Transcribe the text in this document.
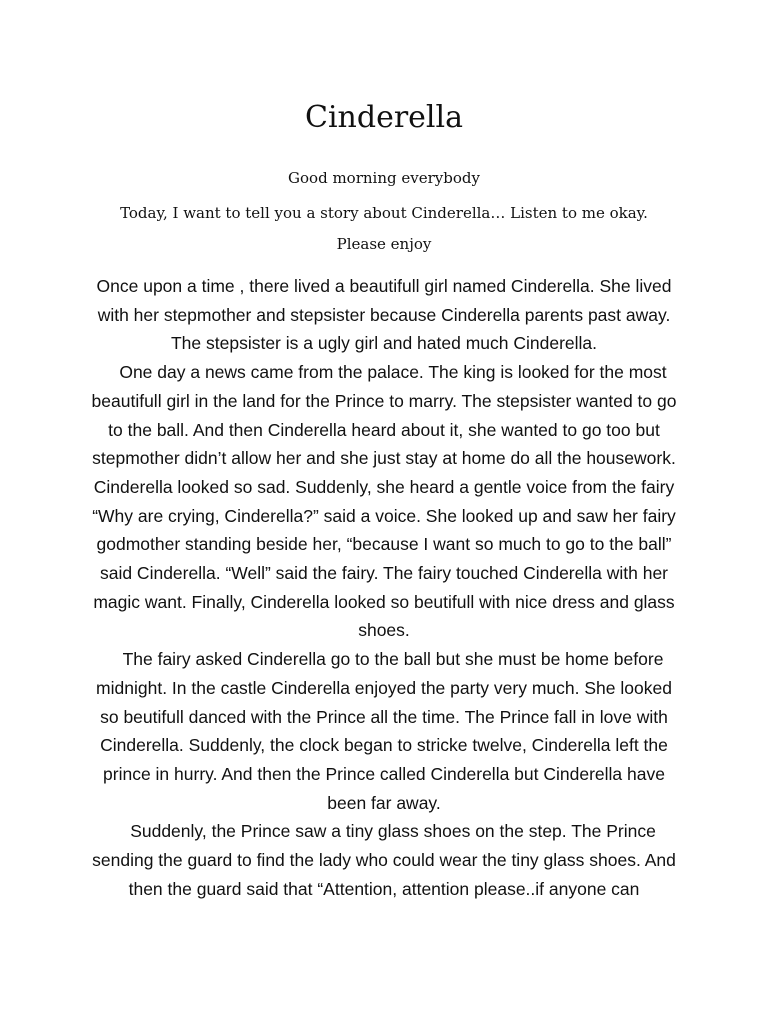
Cinderella

Good morning everybody

Today, I want to tell you a story about Cinderella… Listen to me okay. Please enjoy

Once upon a time , there lived a beautifull girl named Cinderella. She lived with her stepmother and stepsister because Cinderella parents past away. The stepsister is a ugly girl and hated much Cinderella.

One day a news came from the palace. The king is looked for the most beautifull girl in the land for the Prince to marry. The stepsister wanted to go to the ball. And then Cinderella heard about it, she wanted to go too but stepmother didn’t allow her and she just stay at home do all the housework. Cinderella looked so sad. Suddenly, she heard a gentle voice from the fairy “Why are crying, Cinderella?” said a voice. She looked up and saw her fairy godmother standing beside her, “because I want so much to go to the ball” said Cinderella. “Well” said the fairy. The fairy touched Cinderella with her magic want. Finally, Cinderella looked so beutifull with nice dress and glass shoes.

The fairy asked Cinderella go to the ball but she must be home before midnight. In the castle Cinderella enjoyed the party very much. She looked so beutifull danced with the Prince all the time. The Prince fall in love with Cinderella. Suddenly, the clock began to stricke twelve, Cinderella left the prince in hurry. And then the Prince called Cinderella but Cinderella have been far away.

Suddenly, the Prince saw a tiny glass shoes on the step. The Prince sending the guard to find the lady who could wear the tiny glass shoes. And then the guard said that “Attention, attention please..if anyone can
